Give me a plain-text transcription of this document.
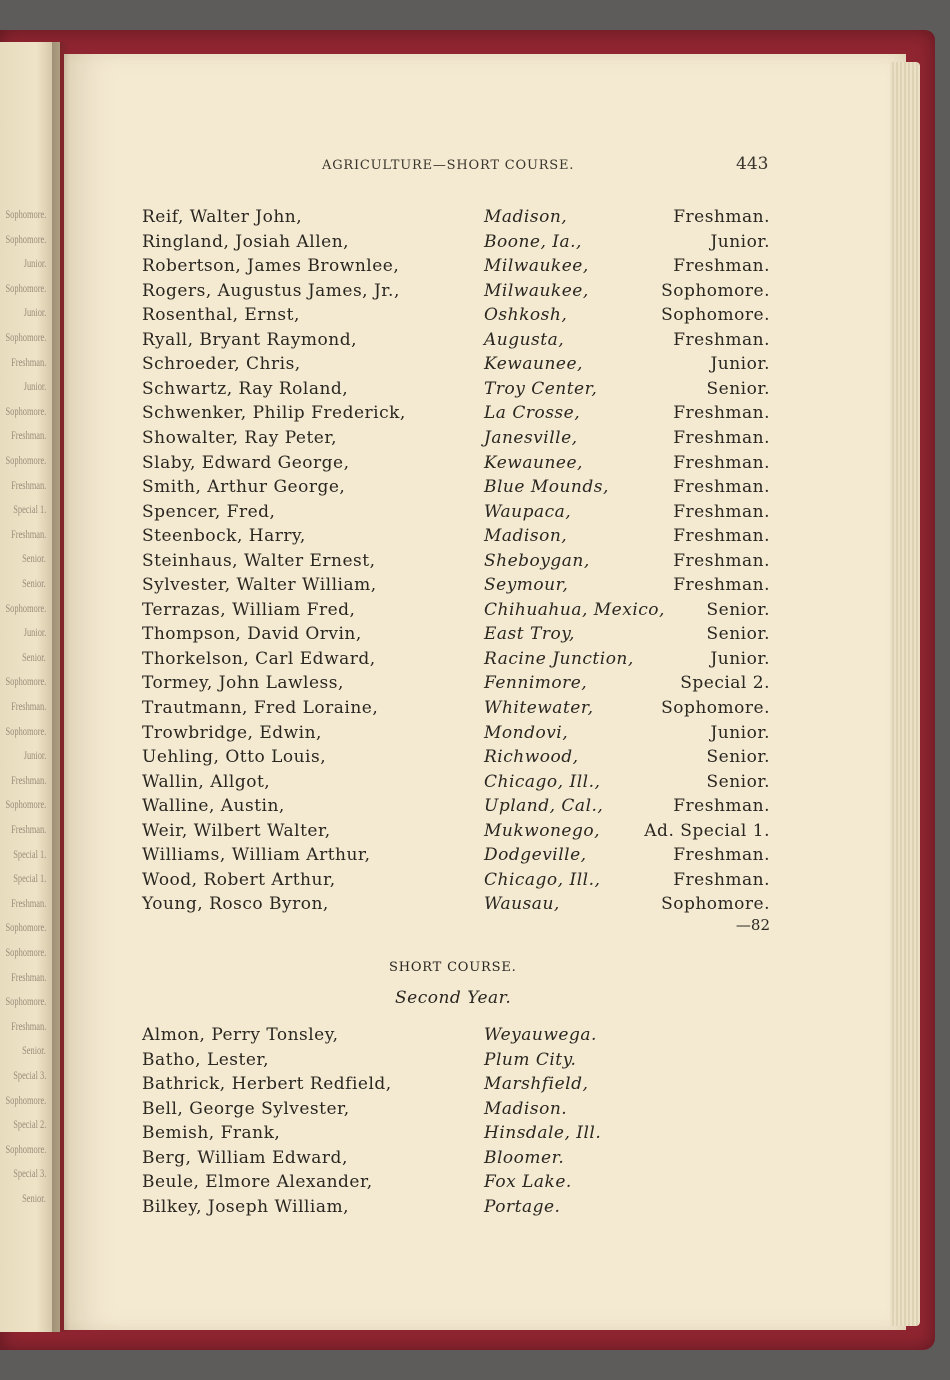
Sophomore.
Sophomore.
Junior.
Sophomore.
Junior.
Sophomore.
Freshman.
Junior.
Sophomore.
Freshman.
Sophomore.
Freshman.
Special 1.
Freshman.
Senior.
Senior.
Sophomore.
Junior.
Senior.
Sophomore.
Freshman.
Sophomore.
Junior.
Freshman.
Sophomore.
Freshman.
Special 1.
Special 1.
Freshman.
Sophomore.
Sophomore.
Freshman.
Sophomore.
Freshman.
Senior.
Special 3.
Sophomore.
Special 2.
Sophomore.
Special 3.
Senior.
AGRICULTURE—SHORT COURSE.	443
Reif, Walter John,	Madison,	Freshman.
Ringland, Josiah Allen,	Boone, Ia.,	Junior.
Robertson, James Brownlee,	Milwaukee,	Freshman.
Rogers, Augustus James, Jr.,	Milwaukee,	Sophomore.
Rosenthal, Ernst,	Oshkosh,	Sophomore.
Ryall, Bryant Raymond,	Augusta,	Freshman.
Schroeder, Chris,	Kewaunee,	Junior.
Schwartz, Ray Roland,	Troy Center,	Senior.
Schwenker, Philip Frederick,	La Crosse,	Freshman.
Showalter, Ray Peter,	Janesville,	Freshman.
Slaby, Edward George,	Kewaunee,	Freshman.
Smith, Arthur George,	Blue Mounds,	Freshman.
Spencer, Fred,	Waupaca,	Freshman.
Steenbock, Harry,	Madison,	Freshman.
Steinhaus, Walter Ernest,	Sheboygan,	Freshman.
Sylvester, Walter William,	Seymour,	Freshman.
Terrazas, William Fred,	Chihuahua, Mexico, Senior.
Thompson, David Orvin,	East Troy,	Senior.
Thorkelson, Carl Edward,	Racine Junction,	Junior.
Tormey, John Lawless,	Fennimore,	Special 2.
Trautmann, Fred Loraine,	Whitewater,	Sophomore.
Trowbridge, Edwin,	Mondovi,	Junior.
Uehling, Otto Louis,	Richwood,	Senior.
Wallin, Allgot,	Chicago, Ill.,	Senior.
Walline, Austin,	Upland, Cal.,	Freshman.
Weir, Wilbert Walter,	Mukwonego,	Ad. Special 1.
Williams, William Arthur,	Dodgeville,	Freshman.
Wood, Robert Arthur,	Chicago, Ill.,	Freshman.
Young, Rosco Byron,	Wausau,	Sophomore.
—82
SHORT COURSE.
Second Year.
Almon, Perry Tonsley,	Weyauwega.
Batho, Lester,	Plum City.
Bathrick, Herbert Redfield,	Marshfield,
Bell, George Sylvester,	Madison.
Bemish, Frank,	Hinsdale, Ill.
Berg, William Edward,	Bloomer.
Beule, Elmore Alexander,	Fox Lake.
Bilkey, Joseph William,	Portage.
